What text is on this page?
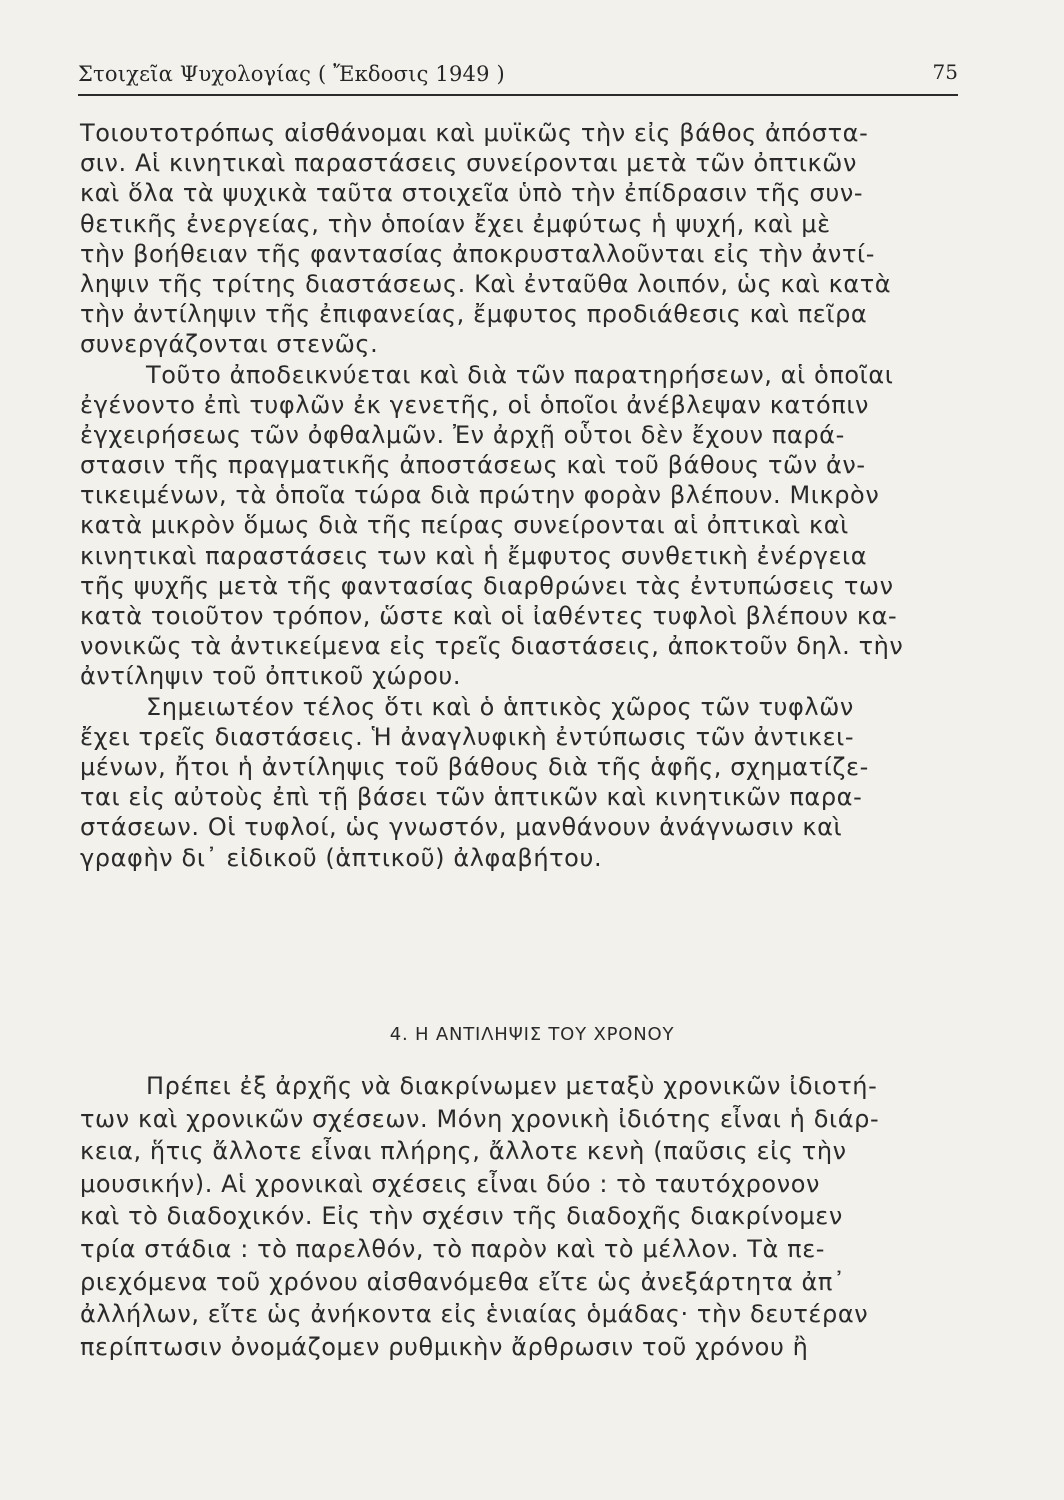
Στοιχεῖα Ψυχολογίας ( Ἔκδοσις 1949 )	75
Τοιουτοτρόπως αἰσθάνομαι καὶ μυϊκῶς τὴν εἰς βάθος ἀπόστα-
σιν. Αἱ κινητικαὶ παραστάσεις συνείρονται μετὰ τῶν ὀπτικῶν
καὶ ὅλα τὰ ψυχικὰ ταῦτα στοιχεῖα ὑπὸ τὴν ἐπίδρασιν τῆς συν-
θετικῆς ἐνεργείας, τὴν ὁποίαν ἔχει ἐμφύτως ἡ ψυχή, καὶ μὲ
τὴν βοήθειαν τῆς φαντασίας ἀποκρυσταλλοῦνται εἰς τὴν ἀντί-
ληψιν τῆς τρίτης διαστάσεως. Καὶ ἐνταῦθα λοιπόν, ὡς καὶ κατὰ
τὴν ἀντίληψιν τῆς ἐπιφανείας, ἔμφυτος προδιάθεσις καὶ πεῖρα
συνεργάζονται στενῶς.
Τοῦτο ἀποδεικνύεται καὶ διὰ τῶν παρατηρήσεων, αἱ ὁποῖαι
ἐγένοντο ἐπὶ τυφλῶν ἐκ γενετῆς, οἱ ὁποῖοι ἀνέβλεψαν κατόπιν
ἐγχειρήσεως τῶν ὀφθαλμῶν. Ἐν ἀρχῇ οὗτοι δὲν ἔχουν παρά-
στασιν τῆς πραγματικῆς ἀποστάσεως καὶ τοῦ βάθους τῶν ἀν-
τικειμένων, τὰ ὁποῖα τώρα διὰ πρώτην φορὰν βλέπουν. Μικρὸν
κατὰ μικρὸν ὅμως διὰ τῆς πείρας συνείρονται αἱ ὀπτικαὶ καὶ
κινητικαὶ παραστάσεις των καὶ ἡ ἔμφυτος συνθετικὴ ἐνέργεια
τῆς ψυχῆς μετὰ τῆς φαντασίας διαρθρώνει τὰς ἐντυπώσεις των
κατὰ τοιοῦτον τρόπον, ὥστε καὶ οἱ ἰαθέντες τυφλοὶ βλέπουν κα-
νονικῶς τὰ ἀντικείμενα εἰς τρεῖς διαστάσεις, ἀποκτοῦν δηλ. τὴν
ἀντίληψιν τοῦ ὀπτικοῦ χώρου.
Σημειωτέον τέλος ὅτι καὶ ὁ ἁπτικὸς χῶρος τῶν τυφλῶν
ἔχει τρεῖς διαστάσεις. Ἡ ἀναγλυφικὴ ἐντύπωσις τῶν ἀντικει-
μένων, ἤτοι ἡ ἀντίληψις τοῦ βάθους διὰ τῆς ἁφῆς, σχηματίζε-
ται εἰς αὐτοὺς ἐπὶ τῇ βάσει τῶν ἁπτικῶν καὶ κινητικῶν παρα-
στάσεων. Οἱ τυφλοί, ὡς γνωστόν, μανθάνουν ἀνάγνωσιν καὶ
γραφὴν δι᾽ εἰδικοῦ (ἁπτικοῦ) ἀλφαβήτου.
4. Η ΑΝΤΙΛΗΨΙΣ ΤΟΥ ΧΡΟΝΟΥ
Πρέπει ἐξ ἀρχῆς νὰ διακρίνωμεν μεταξὺ χρονικῶν ἰδιοτή-
των καὶ χρονικῶν σχέσεων. Μόνη χρονικὴ ἰδιότης εἶναι ἡ διάρ-
κεια, ἥτις ἄλλοτε εἶναι πλήρης, ἄλλοτε κενὴ (παῦσις εἰς τὴν
μουσικήν). Αἱ χρονικαὶ σχέσεις εἶναι δύο : τὸ ταυτόχρονον
καὶ τὸ διαδοχικόν. Εἰς τὴν σχέσιν τῆς διαδοχῆς διακρίνομεν
τρία στάδια : τὸ παρελθόν, τὸ παρὸν καὶ τὸ μέλλον. Τὰ πε-
ριεχόμενα τοῦ χρόνου αἰσθανόμεθα εἴτε ὡς ἀνεξάρτητα ἀπ᾽
ἀλλήλων, εἴτε ὡς ἀνήκοντα εἰς ἑνιαίας ὁμάδας· τὴν δευτέραν
περίπτωσιν ὀνομάζομεν ρυθμικὴν ἄρθρωσιν τοῦ χρόνου ἢ
